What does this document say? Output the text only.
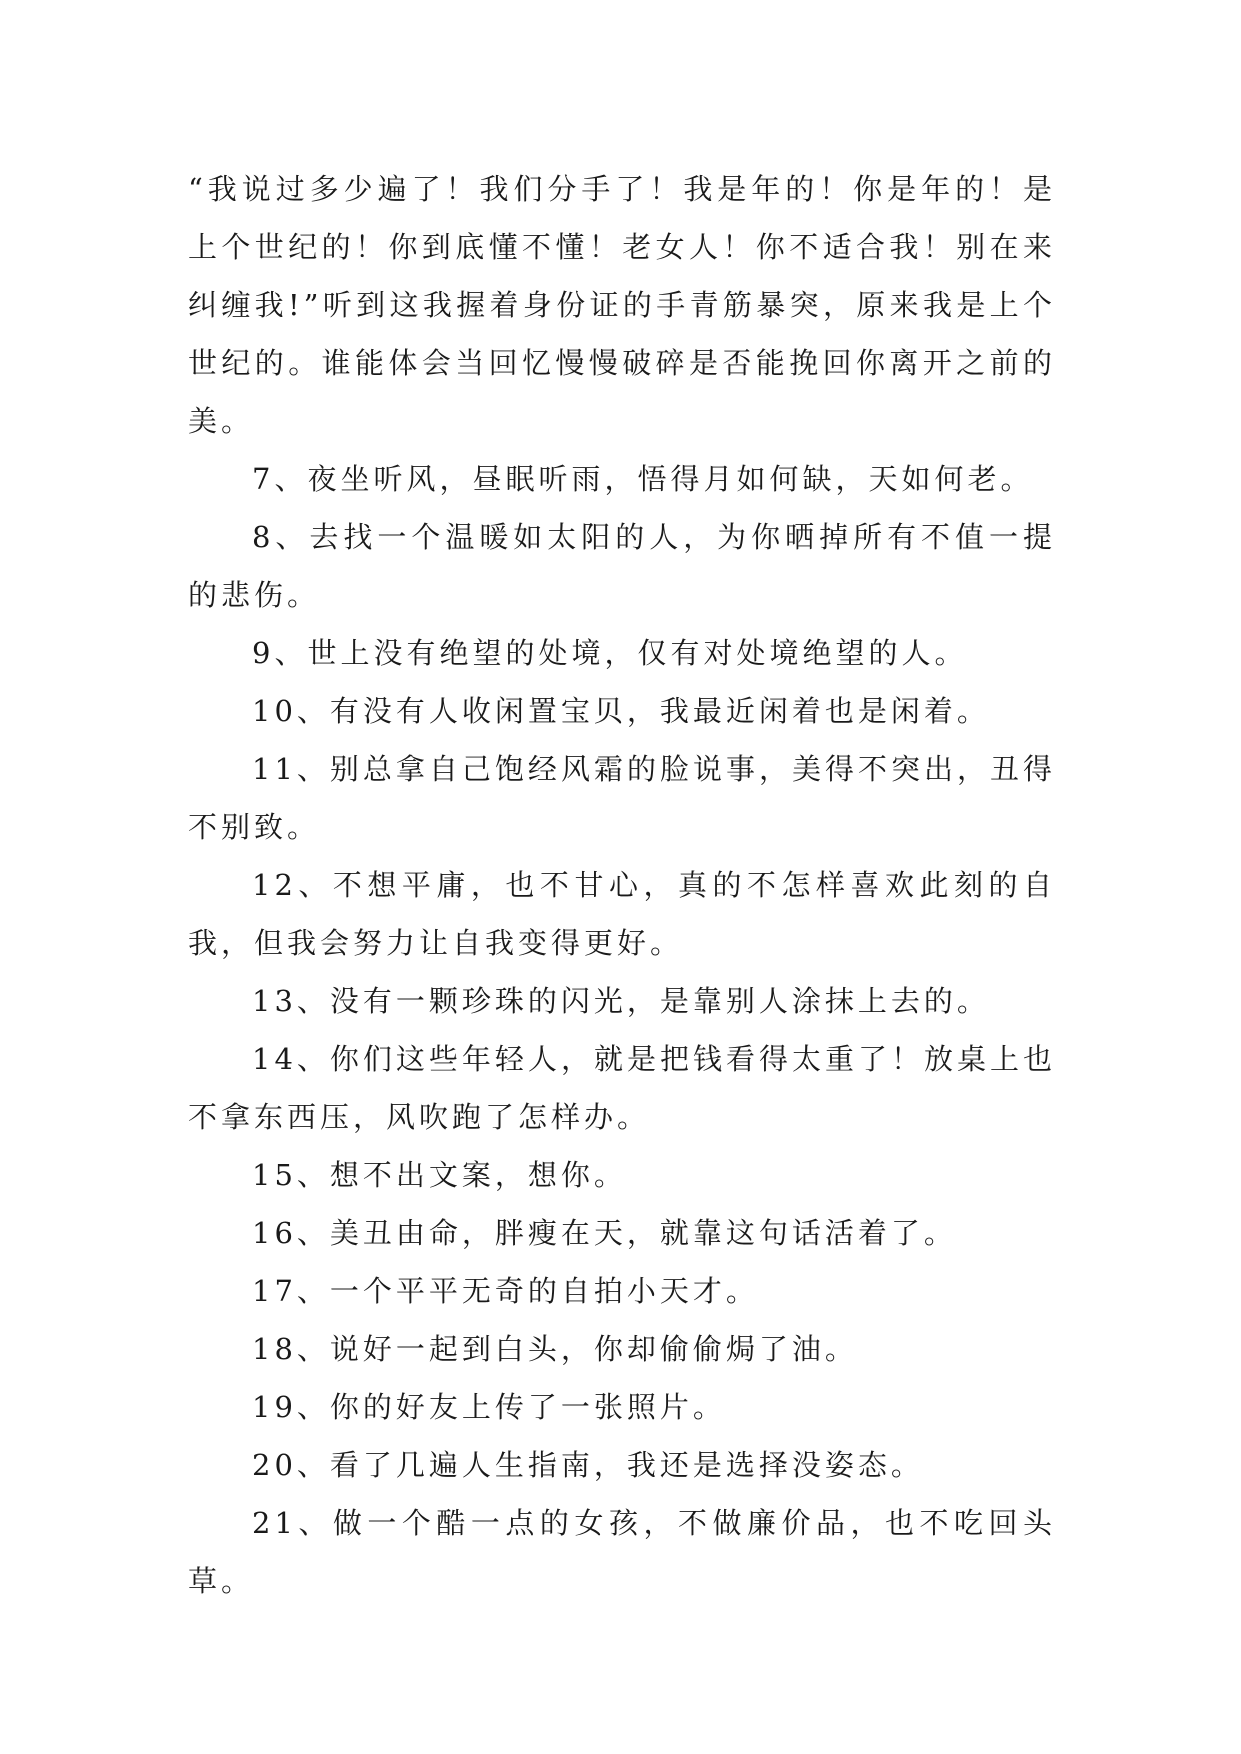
“我说过多少遍了！我们分手了！我是年的！你是年的！是上个世纪的！你到底懂不懂！老女人！你不适合我！别在来纠缠我!”听到这我握着身份证的手青筋暴突，原来我是上个世纪的。谁能体会当回忆慢慢破碎是否能挽回你离开之前的美。

7、夜坐听风，昼眠听雨，悟得月如何缺，天如何老。

8、去找一个温暖如太阳的人，为你晒掉所有不值一提的悲伤。

9、世上没有绝望的处境，仅有对处境绝望的人。

10、有没有人收闲置宝贝，我最近闲着也是闲着。

11、别总拿自己饱经风霜的脸说事，美得不突出，丑得不别致。

12、不想平庸，也不甘心，真的不怎样喜欢此刻的自我，但我会努力让自我变得更好。

13、没有一颗珍珠的闪光，是靠别人涂抹上去的。

14、你们这些年轻人，就是把钱看得太重了！放桌上也不拿东西压，风吹跑了怎样办。

15、想不出文案，想你。

16、美丑由命，胖瘦在天，就靠这句话活着了。

17、一个平平无奇的自拍小天才。

18、说好一起到白头，你却偷偷焗了油。

19、你的好友上传了一张照片。

20、看了几遍人生指南，我还是选择没姿态。

21、做一个酷一点的女孩，不做廉价品，也不吃回头草。
